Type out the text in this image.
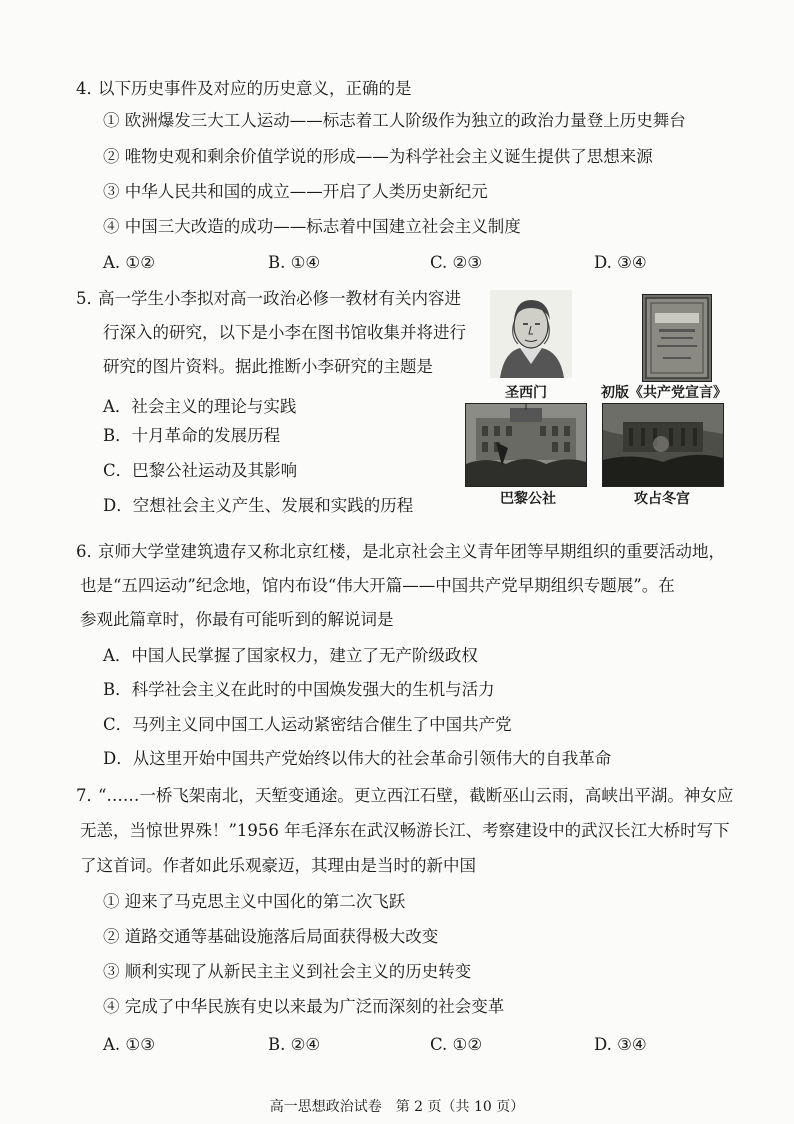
4．
以下历史事件及对应的历史意义，正确的是
① 欧洲爆发三大工人运动——标志着工人阶级作为独立的政治力量登上历史舞台
② 唯物史观和剩余价值学说的形成——为科学社会主义诞生提供了思想来源
③ 中华人民共和国的成立——开启了人类历史新纪元
④ 中国三大改造的成功——标志着中国建立社会主义制度
A. ①②	B. ①④	C. ②③	D. ③④
5．
高一学生小李拟对高一政治必修一教材有关内容进
行深入的研究，以下是小李在图书馆收集并将进行
研究的图片资料。据此推断小李研究的主题是
A．社会主义的理论与实践
B．十月革命的发展历程
C．巴黎公社运动及其影响
D．空想社会主义产生、发展和实践的历程
圣西门	初版《共产党宣言》
巴黎公社	攻占冬宫
6．
京师大学堂建筑遗存又称北京红楼，是北京社会主义青年团等早期组织的重要活动地，
也是“五四运动”纪念地，馆内布设“伟大开篇——中国共产党早期组织专题展”。在
参观此篇章时，你最有可能听到的解说词是
A．中国人民掌握了国家权力，建立了无产阶级政权
B．科学社会主义在此时的中国焕发强大的生机与活力
C．马列主义同中国工人运动紧密结合催生了中国共产党
D．从这里开始中国共产党始终以伟大的社会革命引领伟大的自我革命
7．
“……一桥飞架南北，天堑变通途。更立西江石壁，截断巫山云雨，高峡出平湖。神女应
无恙，当惊世界殊！”1956 年毛泽东在武汉畅游长江、考察建设中的武汉长江大桥时写下
了这首词。作者如此乐观豪迈，其理由是当时的新中国
① 迎来了马克思主义中国化的第二次飞跃
② 道路交通等基础设施落后局面获得极大改变
③ 顺利实现了从新民主主义到社会主义的历史转变
④ 完成了中华民族有史以来最为广泛而深刻的社会变革
A. ①③	B. ②④	C. ①②	D. ③④
高一思想政治试卷　第 2 页（共 10 页）
